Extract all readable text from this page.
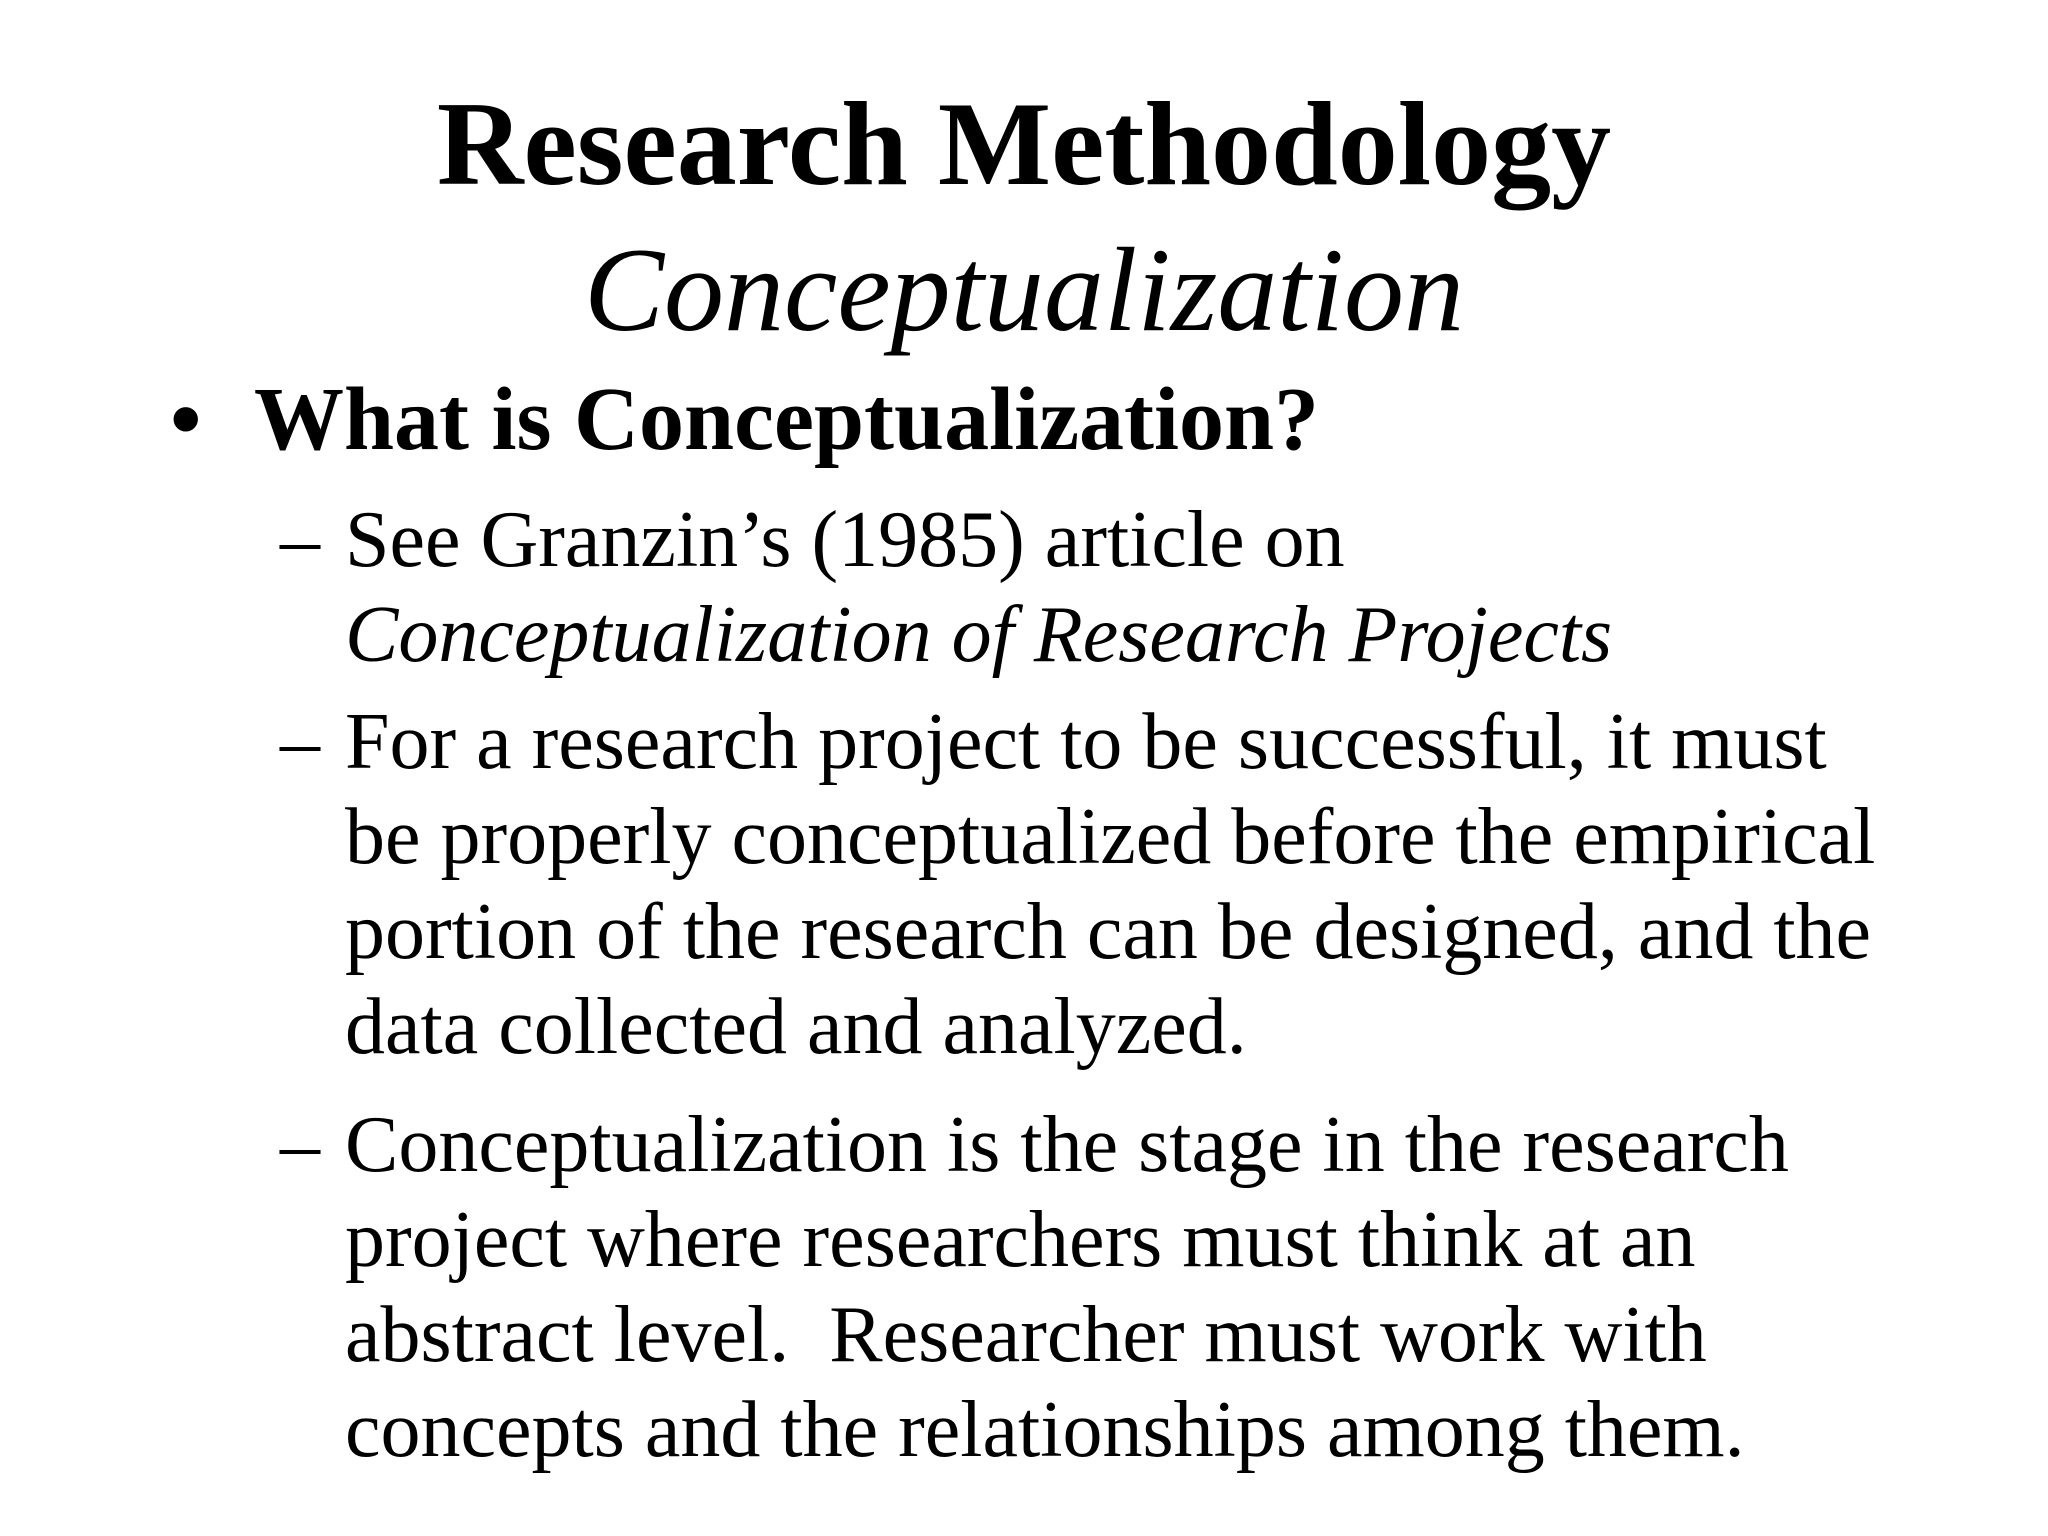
Research Methodology
Conceptualization
• What is Conceptualization?
– See Granzin’s (1985) article on
Conceptualization of Research Projects
– For a research project to be successful, it must
be properly conceptualized before the empirical
portion of the research can be designed, and the
data collected and analyzed.
– Conceptualization is the stage in the research
project where researchers must think at an
abstract level.  Researcher must work with
concepts and the relationships among them.
